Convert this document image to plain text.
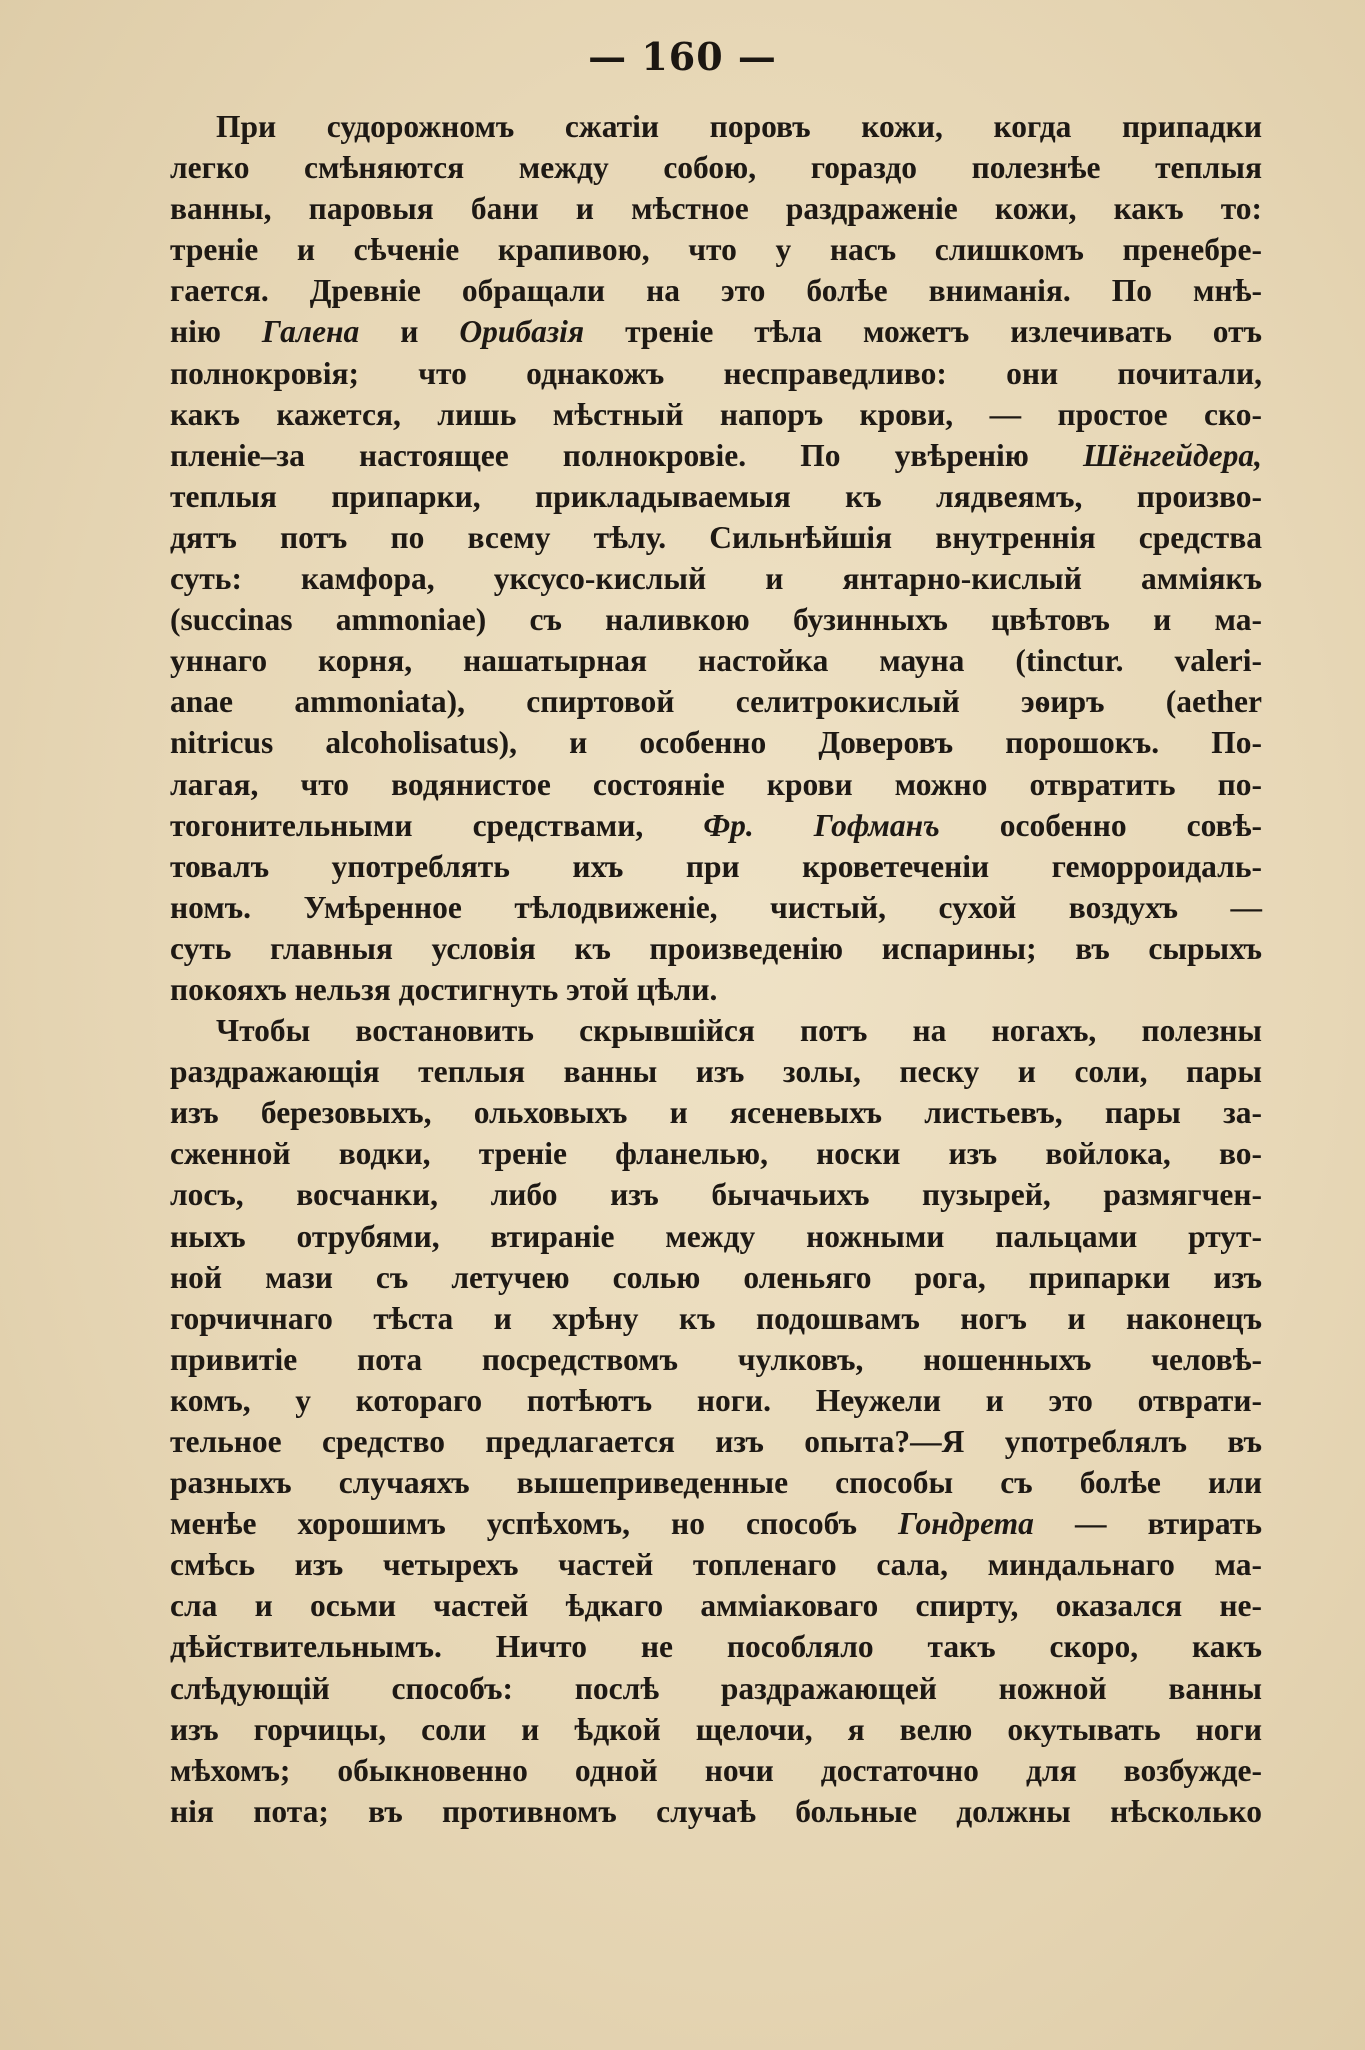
— 160 —
При судорожномъ сжатіи поровъ кожи, когда припадки
легко смѣняются между собою, гораздо полезнѣе теплыя
ванны, паровыя бани и мѣстное раздраженіе кожи, какъ то:
треніе и сѣченіе крапивою, что у насъ слишкомъ пренебре-
гается. Древніе обращали на это болѣе вниманія. По мнѣ-
нію Галена и Орибазія треніе тѣла можетъ излечивать отъ
полнокровія; что однакожъ несправедливо: они почитали,
какъ кажется, лишь мѣстный напоръ крови, — простое ско-
пленіе–за настоящее полнокровіе. По увѣренію Шёнгейдера,
теплыя припарки, прикладываемыя къ лядвеямъ, произво-
дятъ потъ по всему тѣлу. Сильнѣйшія внутреннія средства
суть: камфора, уксусо-кислый и янтарно-кислый аммiякъ
(succinas ammoniae) съ наливкою бузинныхъ цвѣтовъ и ма-
уннаго корня, нашатырная настойка мауна (tinctur. valeri-
anae ammoniata), спиртовой селитрокислый эѳиръ (aether
nitricus alcoholisatus), и особенно Доверовъ порошокъ. По-
лагая, что водянистое состояніе крови можно отвратить по-
тогонительными средствами, Фр. Гофманъ особенно совѣ-
товалъ употреблять ихъ при кроветеченіи геморроидаль-
номъ. Умѣренное тѣлодвиженіе, чистый, сухой воздухъ —
суть главныя условія къ произведенію испарины; въ сырыхъ
покояхъ нельзя достигнуть этой цѣли.
Чтобы востановить скрывшійся потъ на ногахъ, полезны
раздражающія теплыя ванны изъ золы, песку и соли, пары
изъ березовыхъ, ольховыхъ и ясеневыхъ листьевъ, пары за-
сженной водки, треніе фланелью, носки изъ войлока, во-
лосъ, восчанки, либо изъ бычачьихъ пузырей, размягчен-
ныхъ отрубями, втираніе между ножными пальцами ртут-
ной мази съ летучею солью оленьяго рога, припарки изъ
горчичнаго тѣста и хрѣну къ подошвамъ ногъ и наконецъ
привитіе пота посредствомъ чулковъ, ношенныхъ человѣ-
комъ, у котораго потѣютъ ноги. Неужели и это отврати-
тельное средство предлагается изъ опыта?—Я употреблялъ въ
разныхъ случаяхъ вышеприведенные способы съ болѣе или
менѣе хорошимъ успѣхомъ, но способъ Гондрета — втирать
смѣсь изъ четырехъ частей топленаго сала, миндальнаго ма-
сла и осьми частей ѣдкаго амміаковаго спирту, оказался не-
дѣйствительнымъ. Ничто не пособляло такъ скоро, какъ
слѣдующій способъ: послѣ раздражающей ножной ванны
изъ горчицы, соли и ѣдкой щелочи, я велю окутывать ноги
мѣхомъ; обыкновенно одной ночи достаточно для возбужде-
нія пота; въ противномъ случаѣ больные должны нѣсколько
